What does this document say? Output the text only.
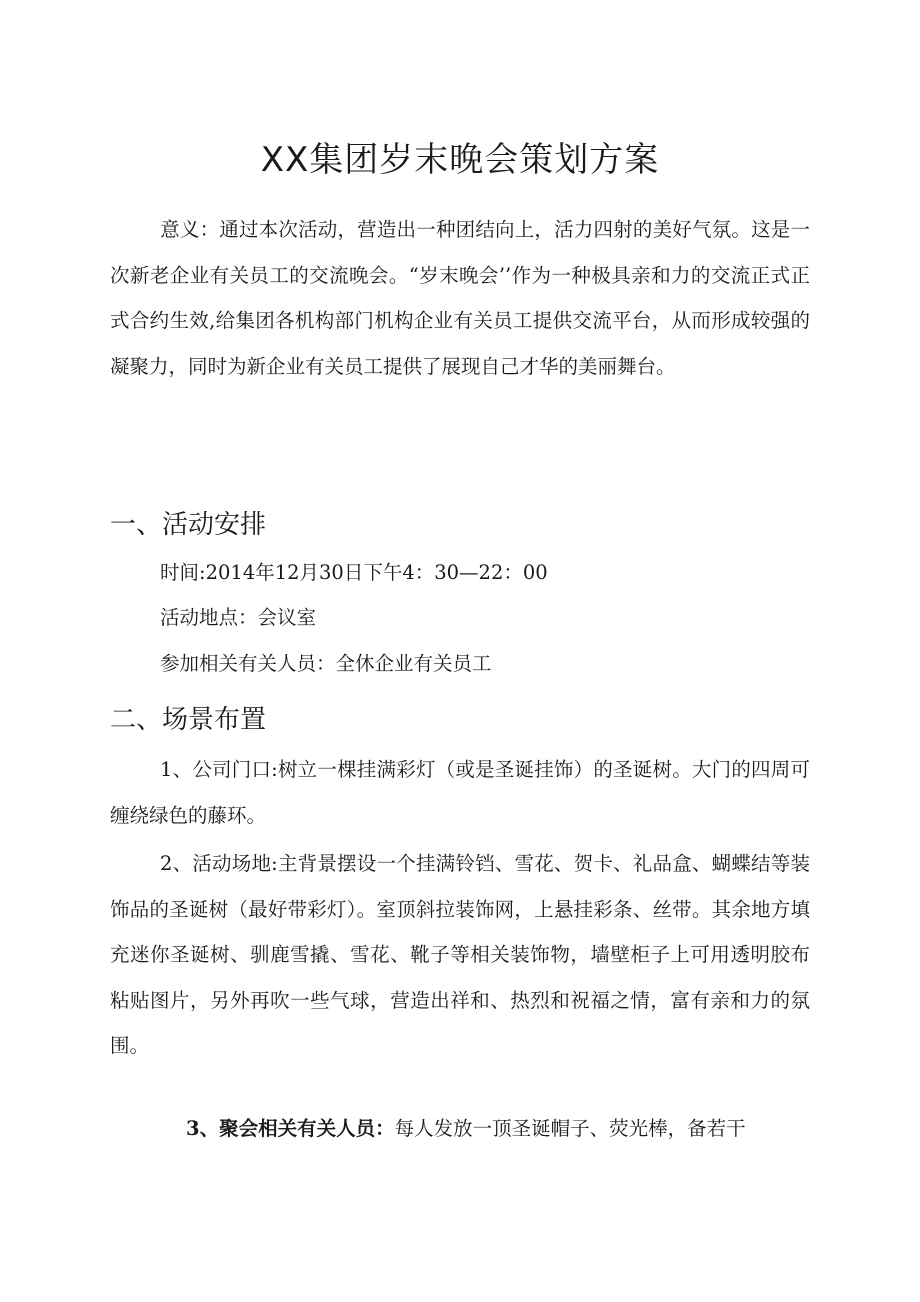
XX集团岁末晚会策划方案

意义：通过本次活动，营造出一种团结向上，活力四射的美好气氛。这是一次新老企业有关员工的交流晚会。“岁末晚会’’作为一种极具亲和力的交流正式正式合约生效,给集团各机构部门机构企业有关员工提供交流平台，从而形成较强的凝聚力，同时为新企业有关员工提供了展现自己才华的美丽舞台。

一、活动安排

时间:2014年12月30日下午4：30—22：00

活动地点：会议室

参加相关有关人员：全休企业有关员工

二、场景布置

1、公司门口:树立一棵挂满彩灯（或是圣诞挂饰）的圣诞树。大门的四周可缠绕绿色的藤环。

2、活动场地:主背景摆设一个挂满铃铛、雪花、贺卡、礼品盒、蝴蝶结等装饰品的圣诞树（最好带彩灯）。室顶斜拉装饰网，上悬挂彩条、丝带。其余地方填充迷你圣诞树、驯鹿雪撬、雪花、靴子等相关装饰物，墙壁柜子上可用透明胶布粘贴图片，另外再吹一些气球，营造出祥和、热烈和祝福之情，富有亲和力的氛围。

3、聚会相关有关人员：每人发放一顶圣诞帽子、荧光棒，备若干
